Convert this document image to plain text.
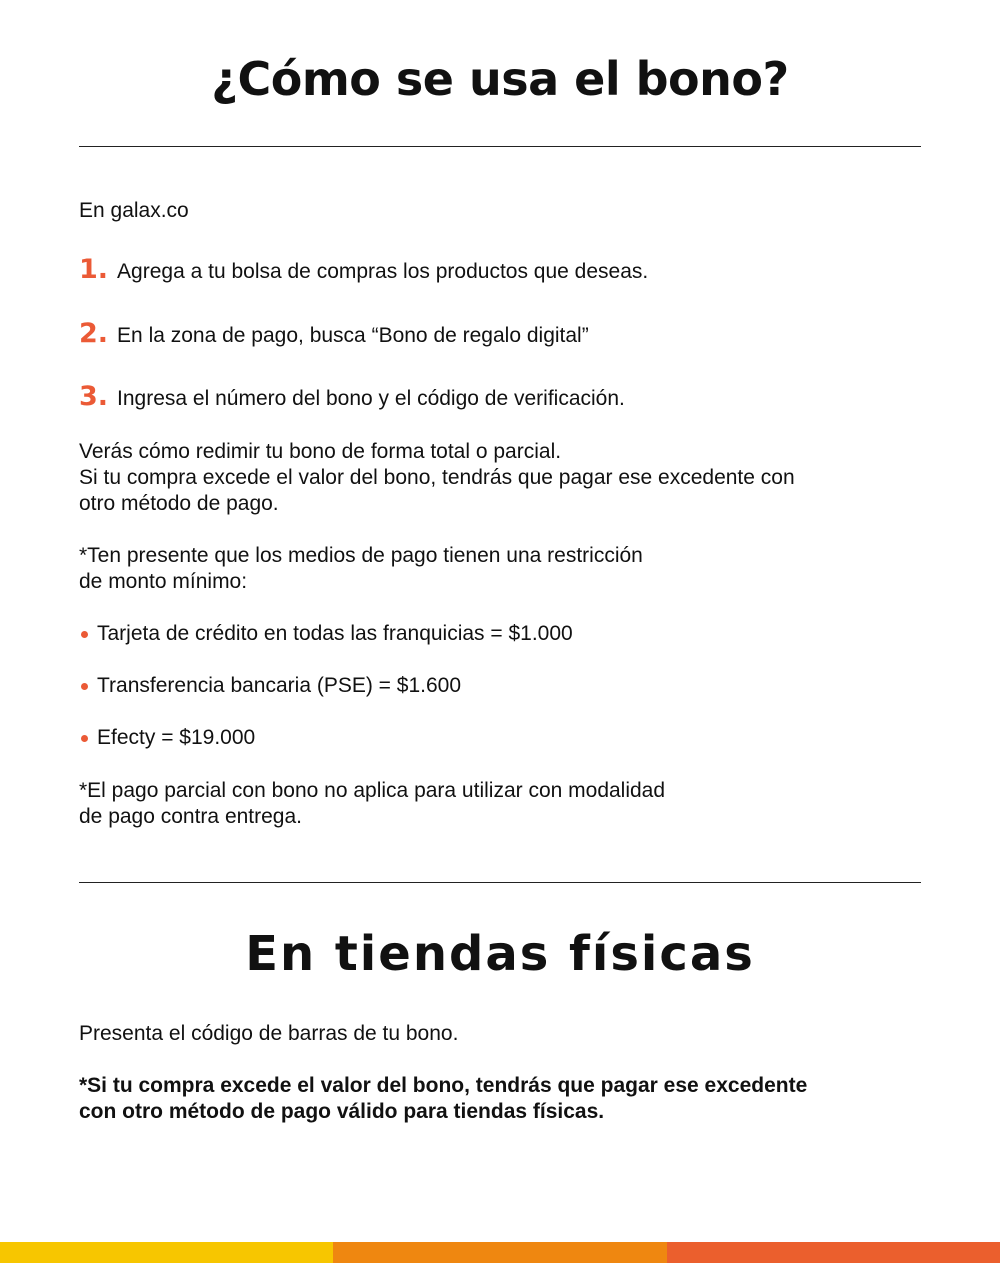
¿Cómo se usa el bono?

En galax.co

1. Agrega a tu bolsa de compras los productos que deseas.
2. En la zona de pago, busca “Bono de regalo digital”
3. Ingresa el número del bono y el código de verificación.
Verás cómo redimir tu bono de forma total o parcial.
Si tu compra excede el valor del bono, tendrás que pagar ese excedente con
otro método de pago.
*Ten presente que los medios de pago tienen una restricción
de monto mínimo:
Tarjeta de crédito en todas las franquicias = $1.000
Transferencia bancaria (PSE) = $1.600
Efecty = $19.000
*El pago parcial con bono no aplica para utilizar con modalidad
de pago contra entrega.
En tiendas físicas

Presenta el código de barras de tu bono.

*Si tu compra excede el valor del bono, tendrás que pagar ese excedente
con otro método de pago válido para tiendas físicas.
